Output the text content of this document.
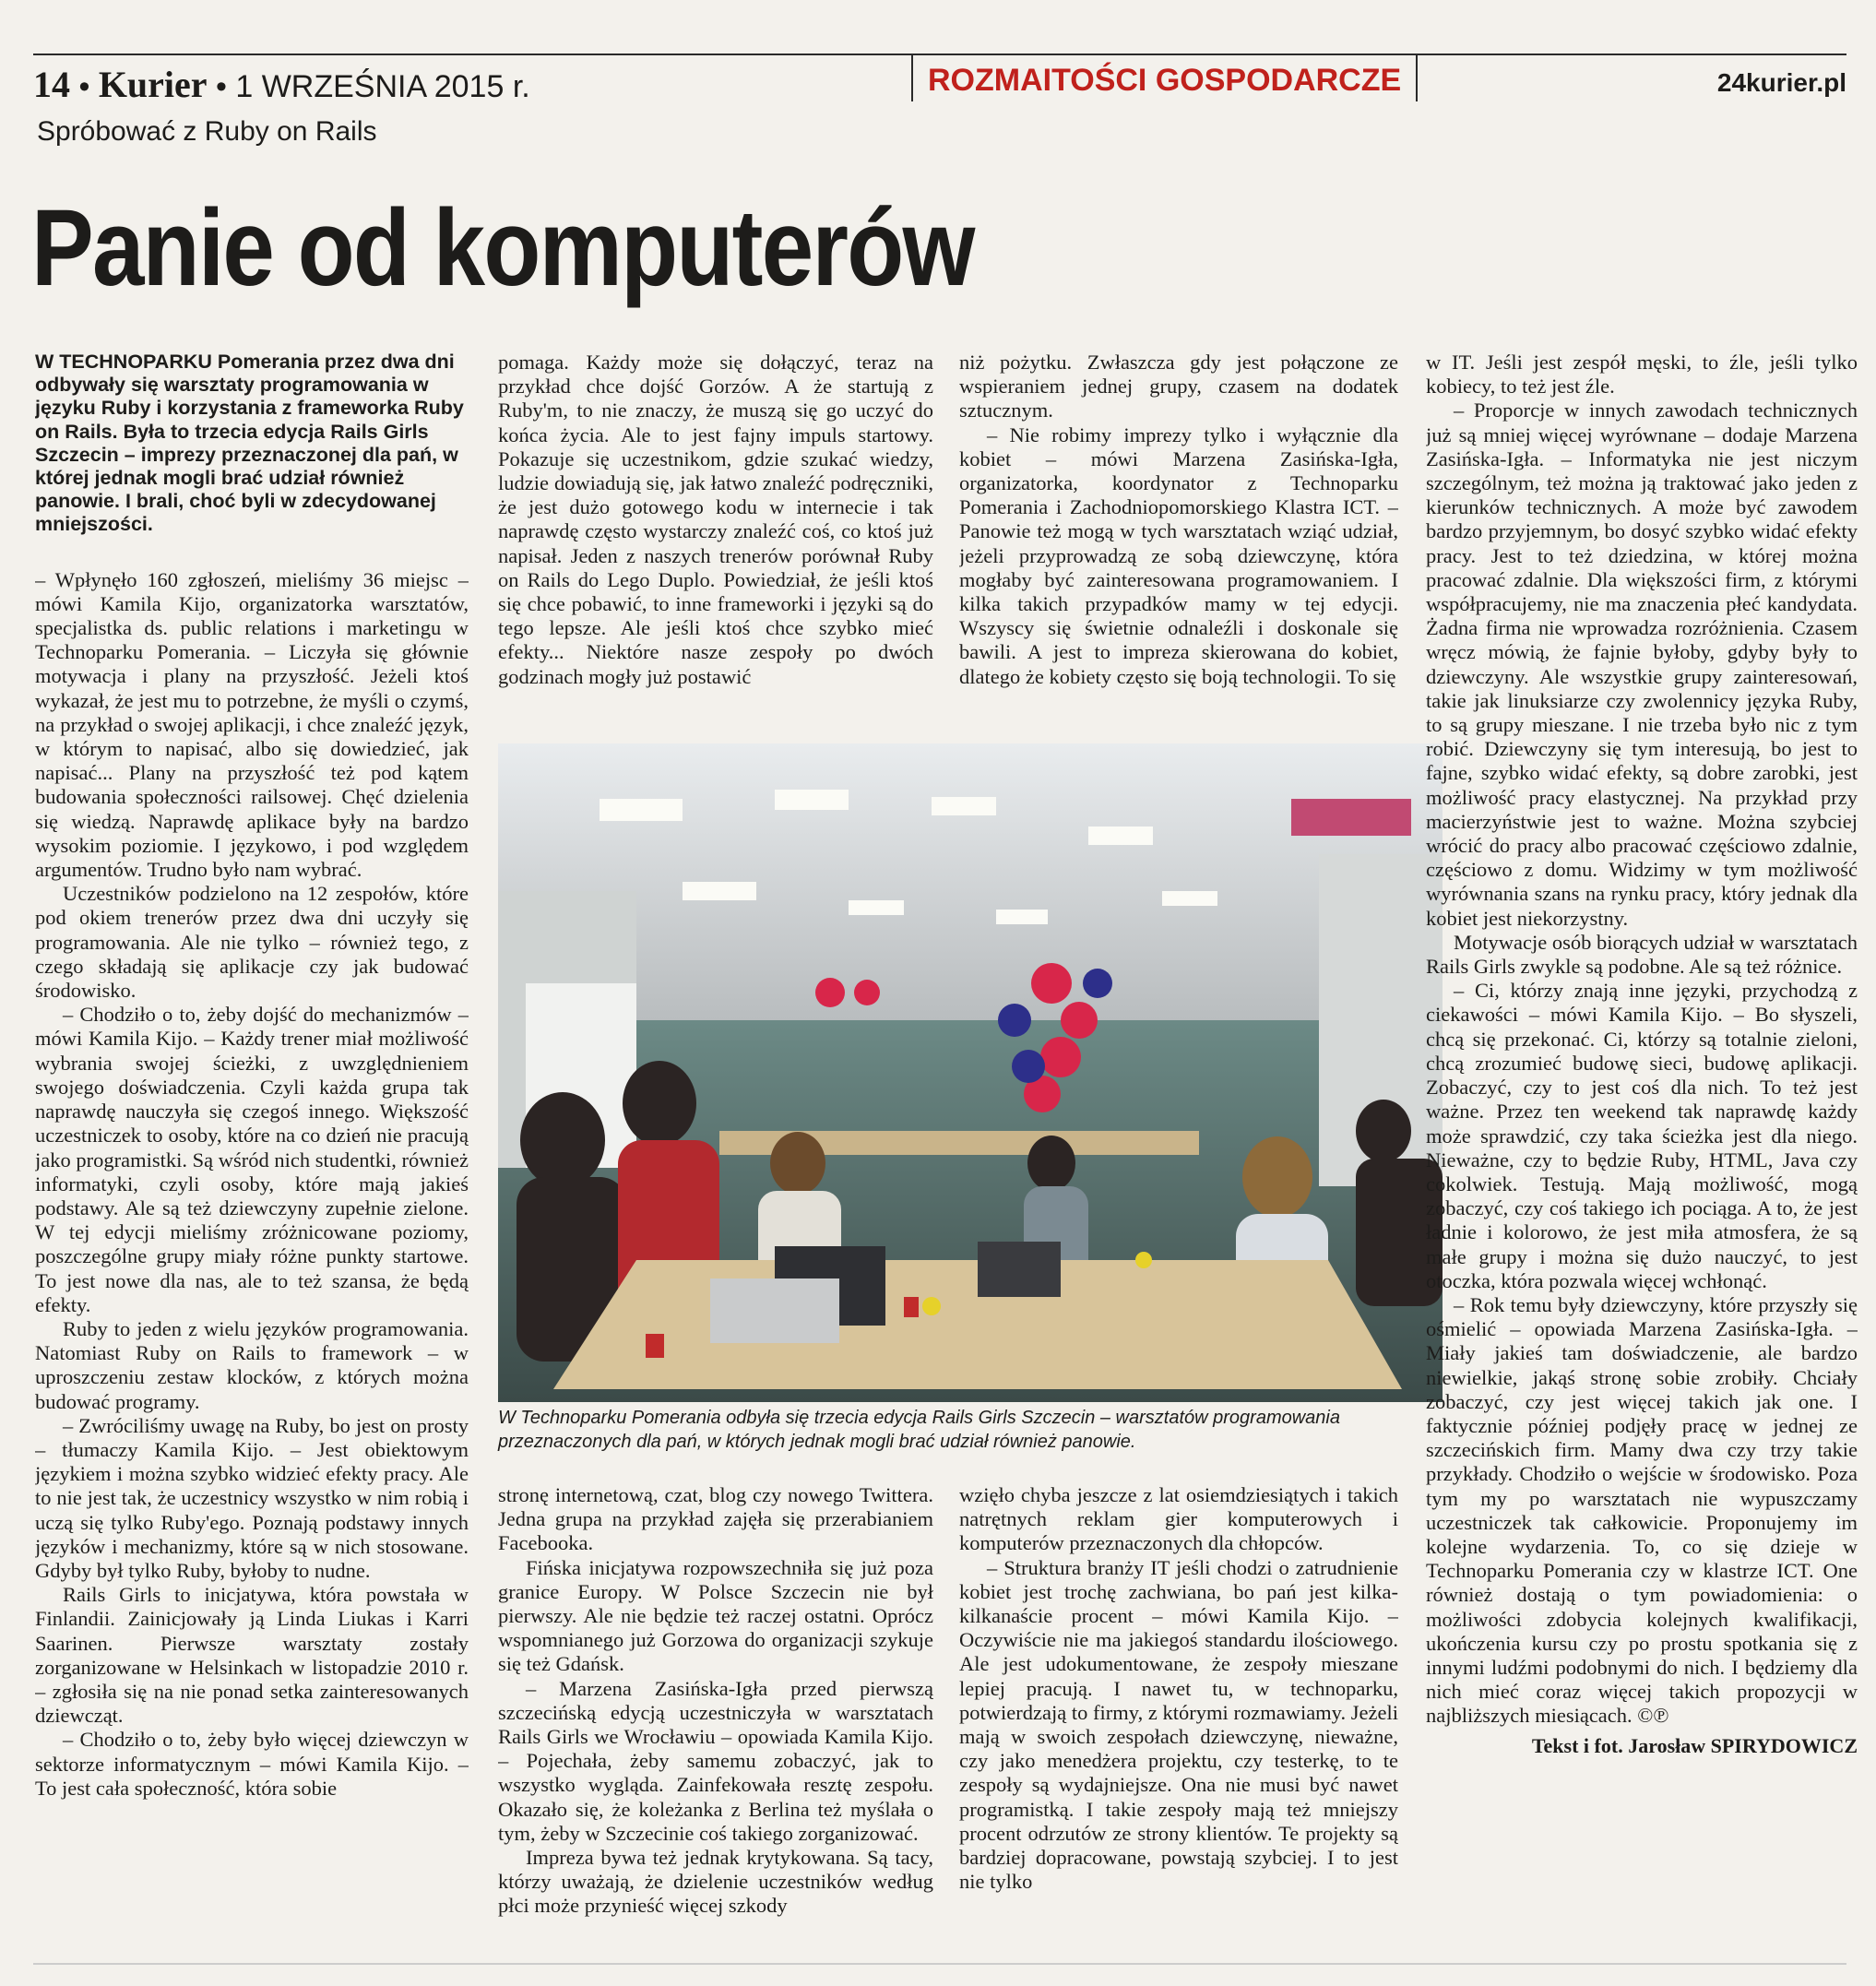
14 • Kurier • 1 WRZEŚNIA 2015 r.	ROZMAITOŚCI GOSPODARCZE	24kurier.pl

Spróbować z Ruby on Rails
Panie od komputerów

W TECHNOPARKU Pomerania przez dwa dni odbywały się warsztaty programowania w języku Ruby i korzystania z frameworka Ruby on Rails. Była to trzecia edycja Rails Girls Szczecin – imprezy przeznaczonej dla pań, w której jednak mogli brać udział również panowie. I brali, choć byli w zdecydowanej mniejszości.

– Wpłynęło 160 zgłoszeń, mieliśmy 36 miejsc – mówi Kamila Kijo, organizatorka warsztatów, specjalistka ds. public relations i marketingu w Technoparku Pomerania. – Liczyła się głównie motywacja i plany na przyszłość. Jeżeli ktoś wykazał, że jest mu to potrzebne, że myśli o czymś, na przykład o swojej aplikacji, i chce znaleźć język, w którym to napisać, albo się dowiedzieć, jak napisać... Plany na przyszłość też pod kątem budowania społeczności railsowej. Chęć dzielenia się wiedzą. Naprawdę aplikace były na bardzo wysokim poziomie. I językowo, i pod względem argumentów. Trudno było nam wybrać.

Uczestników podzielono na 12 zespołów, które pod okiem trenerów przez dwa dni uczyły się programowania. Ale nie tylko – również tego, z czego składają się aplikacje czy jak budować środowisko.

– Chodziło o to, żeby dojść do mechanizmów – mówi Kamila Kijo. – Każdy trener miał możliwość wybrania swojej ścieżki, z uwzględnieniem swojego doświadczenia. Czyli każda grupa tak naprawdę nauczyła się czegoś innego. Większość uczestniczek to osoby, które na co dzień nie pracują jako programistki. Są wśród nich studentki, również informatyki, czyli osoby, które mają jakieś podstawy. Ale są też dziewczyny zupełnie zielone. W tej edycji mieliśmy zróżnicowane poziomy, poszczególne grupy miały różne punkty startowe. To jest nowe dla nas, ale to też szansa, że będą efekty.

Ruby to jeden z wielu języków programowania. Natomiast Ruby on Rails to framework – w uproszczeniu zestaw klocków, z których można budować programy.

– Zwróciliśmy uwagę na Ruby, bo jest on prosty – tłumaczy Kamila Kijo. – Jest obiektowym językiem i można szybko widzieć efekty pracy. Ale to nie jest tak, że uczestnicy wszystko w nim robią i uczą się tylko Ruby'ego. Poznają podstawy innych języków i mechanizmy, które są w nich stosowane. Gdyby był tylko Ruby, byłoby to nudne.

Rails Girls to inicjatywa, która powstała w Finlandii. Zainicjowały ją Linda Liukas i Karri Saarinen. Pierwsze warsztaty zostały zorganizowane w Helsinkach w listopadzie 2010 r. – zgłosiła się na nie ponad setka zainteresowanych dziewcząt.

– Chodziło o to, żeby było więcej dziewczyn w sektorze informatycznym – mówi Kamila Kijo. – To jest cała społeczność, która sobie

pomaga. Każdy może się dołączyć, teraz na przykład chce dojść Gorzów. A że startują z Ruby'm, to nie znaczy, że muszą się go uczyć do końca życia. Ale to jest fajny impuls startowy. Pokazuje się uczestnikom, gdzie szukać wiedzy, ludzie dowiadują się, jak łatwo znaleźć podręczniki, że jest dużo gotowego kodu w internecie i tak naprawdę często wystarczy znaleźć coś, co ktoś już napisał. Jeden z naszych trenerów porównał Ruby on Rails do Lego Duplo. Powiedział, że jeśli ktoś się chce pobawić, to inne frameworki i języki są do tego lepsze. Ale jeśli ktoś chce szybko mieć efekty... Niektóre nasze zespoły po dwóch godzinach mogły już postawić

niż pożytku. Zwłaszcza gdy jest połączone ze wspieraniem jednej grupy, czasem na dodatek sztucznym.

– Nie robimy imprezy tylko i wyłącznie dla kobiet – mówi Marzena Zasińska-Igła, organizatorka, koordynator z Technoparku Pomerania i Zachodniopomorskiego Klastra ICT. – Panowie też mogą w tych warsztatach wziąć udział, jeżeli przyprowadzą ze sobą dziewczynę, która mogłaby być zainteresowana programowaniem. I kilka takich przypadków mamy w tej edycji. Wszyscy się świetnie odnaleźli i doskonale się bawili. A jest to impreza skierowana do kobiet, dlatego że kobiety często się boją technologii. To się

W Technoparku Pomerania odbyła się trzecia edycja Rails Girls Szczecin – warsztatów programowania przeznaczonych dla pań, w których jednak mogli brać udział również panowie.

stronę internetową, czat, blog czy nowego Twittera. Jedna grupa na przykład zajęła się przerabianiem Facebooka.

Fińska inicjatywa rozpowszechniła się już poza granice Europy. W Polsce Szczecin nie był pierwszy. Ale nie będzie też raczej ostatni. Oprócz wspomnianego już Gorzowa do organizacji szykuje się też Gdańsk.

– Marzena Zasińska-Igła przed pierwszą szczecińską edycją uczestniczyła w warsztatach Rails Girls we Wrocławiu – opowiada Kamila Kijo. – Pojechała, żeby samemu zobaczyć, jak to wszystko wygląda. Zainfekowała resztę zespołu. Okazało się, że koleżanka z Berlina też myślała o tym, żeby w Szczecinie coś takiego zorganizować.

Impreza bywa też jednak krytykowana. Są tacy, którzy uważają, że dzielenie uczestników według płci może przynieść więcej szkody

wzięło chyba jeszcze z lat osiemdziesiątych i takich natrętnych reklam gier komputerowych i komputerów przeznaczonych dla chłopców.

– Struktura branży IT jeśli chodzi o zatrudnienie kobiet jest trochę zachwiana, bo pań jest kilka-kilkanaście procent – mówi Kamila Kijo. – Oczywiście nie ma jakiegoś standardu ilościowego. Ale jest udokumentowane, że zespoły mieszane lepiej pracują. I nawet tu, w technoparku, potwierdzają to firmy, z którymi rozmawiamy. Jeżeli mają w swoich zespołach dziewczynę, nieważne, czy jako menedżera projektu, czy testerkę, to te zespoły są wydajniejsze. Ona nie musi być nawet programistką. I takie zespoły mają też mniejszy procent odrzutów ze strony klientów. Te projekty są bardziej dopracowane, powstają szybciej. I to jest nie tylko

w IT. Jeśli jest zespół męski, to źle, jeśli tylko kobiecy, to też jest źle.

– Proporcje w innych zawodach technicznych już są mniej więcej wyrównane – dodaje Marzena Zasińska-Igła. – Informatyka nie jest niczym szczególnym, też można ją traktować jako jeden z kierunków technicznych. A może być zawodem bardzo przyjemnym, bo dosyć szybko widać efekty pracy. Jest to też dziedzina, w której można pracować zdalnie. Dla większości firm, z którymi współpracujemy, nie ma znaczenia płeć kandydata. Żadna firma nie wprowadza rozróżnienia. Czasem wręcz mówią, że fajnie byłoby, gdyby były to dziewczyny. Ale wszystkie grupy zainteresowań, takie jak linuksiarze czy zwolennicy języka Ruby, to są grupy mieszane. I nie trzeba było nic z tym robić. Dziewczyny się tym interesują, bo jest to fajne, szybko widać efekty, są dobre zarobki, jest możliwość pracy elastycznej. Na przykład przy macierzyństwie jest to ważne. Można szybciej wrócić do pracy albo pracować częściowo zdalnie, częściowo z domu. Widzimy w tym możliwość wyrównania szans na rynku pracy, który jednak dla kobiet jest niekorzystny.

Motywacje osób biorących udział w warsztatach Rails Girls zwykle są podobne. Ale są też różnice.

– Ci, którzy znają inne języki, przychodzą z ciekawości – mówi Kamila Kijo. – Bo słyszeli, chcą się przekonać. Ci, którzy są totalnie zieloni, chcą zrozumieć budowę sieci, budowę aplikacji. Zobaczyć, czy to jest coś dla nich. To też jest ważne. Przez ten weekend tak naprawdę każdy może sprawdzić, czy taka ścieżka jest dla niego. Nieważne, czy to będzie Ruby, HTML, Java czy cokolwiek. Testują. Mają możliwość, mogą zobaczyć, czy coś takiego ich pociąga. A to, że jest ładnie i kolorowo, że jest miła atmosfera, że są małe grupy i można się dużo nauczyć, to jest otoczka, która pozwala więcej wchłonąć.

– Rok temu były dziewczyny, które przyszły się ośmielić – opowiada Marzena Zasińska-Igła. – Miały jakieś tam doświadczenie, ale bardzo niewielkie, jakąś stronę sobie zrobiły. Chciały zobaczyć, czy jest więcej takich jak one. I faktycznie później podjęły pracę w jednej ze szczecińskich firm. Mamy dwa czy trzy takie przykłady. Chodziło o wejście w środowisko. Poza tym my po warsztatach nie wypuszczamy uczestniczek tak całkowicie. Proponujemy im kolejne wydarzenia. To, co się dzieje w Technoparku Pomerania czy w klastrze ICT. One również dostają o tym powiadomienia: o możliwości zdobycia kolejnych kwalifikacji, ukończenia kursu czy po prostu spotkania się z innymi ludźmi podobnymi do nich. I będziemy dla nich mieć coraz więcej takich propozycji w najbliższych miesiącach. ©℗

Tekst i fot. Jarosław SPIRYDOWICZ
